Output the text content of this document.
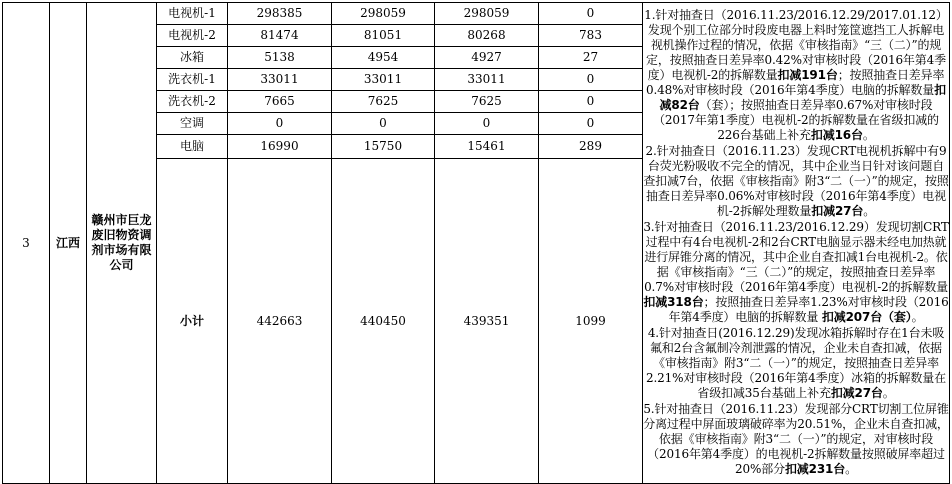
3	江西	赣州市巨龙废旧物资调剂市场有限公司	电视机-1	298385	298059	298059	0	1.针对抽查日（2016.11.23/2016.12.29/2017.01.12）发现个别工位部分时段废电器上料时笼筐遮挡工人拆解电视机操作过程的情况，依据《审核指南》“三（二）”的规定，按照抽查日差异率0.42%对审核时段（2016年第4季度）电视机-2的拆解数量扣减191台；按照抽查日差异率0.48%对审核时段（2016年第4季度）电脑的拆解数量扣减82台（套）；按照抽查日差异率0.67%对审核时段（2017年第1季度）电视机-2的拆解数量在省级扣减的226台基础上补充扣减16台。
2.针对抽查日（2016.11.23）发现CRT电视机拆解中有9台荧光粉吸收不完全的情况，其中企业当日针对该问题自查扣减7台，依据《审核指南》附3“二（一）”的规定，按照抽查日差异率0.06%对审核时段（2016年第4季度）电视机-2拆解处理数量扣减27台。
3.针对抽查日（2016.11.23/2016.12.29）发现切割CRT过程中有4台电视机-2和2台CRT电脑显示器未经电加热就进行屏锥分离的情况，其中企业自查扣减1台电视机-2。依据《审核指南》“三（二）”的规定，按照抽查日差异率0.7%对审核时段（2016年第4季度）电视机-2的拆解数量扣减318台；按照抽查日差异率1.23%对审核时段（2016年第4季度）电脑的拆解数量 扣减207台（套）。
4.针对抽查日(2016.12.29)发现冰箱拆解时存在1台未吸氟和2台含氟制冷剂泄露的情况，企业未自查扣减，依据《审核指南》附3“二（一）”的规定，按照抽查日差异率2.21%对审核时段（2016年第4季度）冰箱的拆解数量在省级扣减35台基础上补充扣减27台。
5.针对抽查日（2016.11.23）发现部分CRT切割工位屏锥分离过程中屏面玻璃破碎率为20.51%，企业未自查扣减，依据《审核指南》附3“二（一）”的规定，对审核时段（2016年第4季度）的电视机-2拆解数量按照破屏率超过20%部分扣减231台。

			电视机-2	81474	81051	80268	783	
			冰箱	5138	4954	4927	27	
			洗衣机-1	33011	33011	33011	0	
			洗衣机-2	7665	7625	7625	0	
			空调	0	0	0	0	
			电脑	16990	15750	15461	289	
			小计	442663	440450	439351	1099	
